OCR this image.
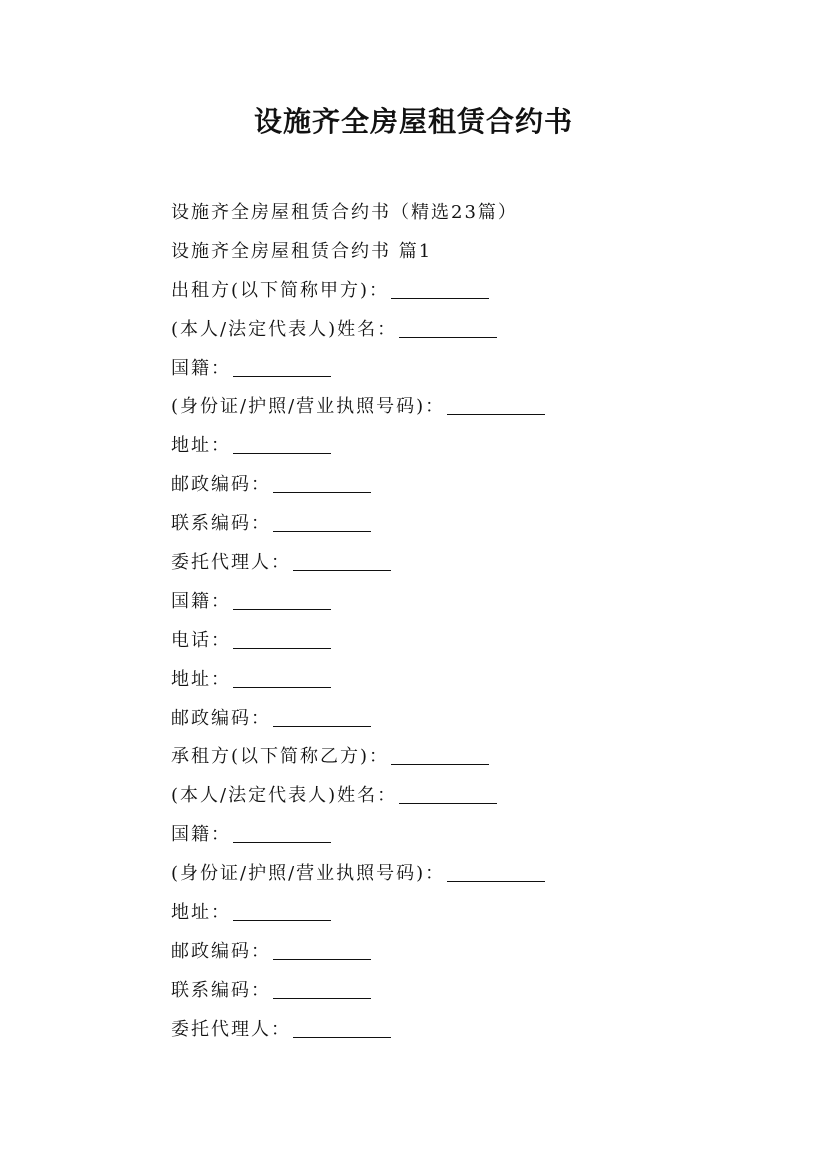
设施齐全房屋租赁合约书
设施齐全房屋租赁合约书（精选23篇）
设施齐全房屋租赁合约书 篇1
出租方(以下简称甲方)：
(本人/法定代表人)姓名：
国籍：
(身份证/护照/营业执照号码)：
地址：
邮政编码：
联系编码：
委托代理人：
国籍：
电话：
地址：
邮政编码：
承租方(以下简称乙方)：
(本人/法定代表人)姓名：
国籍：
(身份证/护照/营业执照号码)：
地址：
邮政编码：
联系编码：
委托代理人：
